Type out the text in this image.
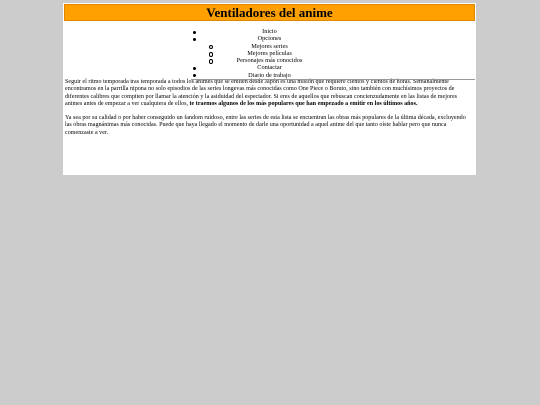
Ventiladores del anime
Inicio
Opciones
Mejores series
Mejores películas
Personajes más conocidos
Contactar
Diario de trabajo

Seguir el ritmo temporada tras temporada a todos los animes que se emiten desde Japón es una misión que requiere cientos y cientos de horas. Semanalmente encontramos en la parrilla nipona no solo episodios de las series longevas más conocidas como One Piece o Boruto, sino también con muchísimos proyectos de diferentes calibres que compiten por llamar la atención y la asiduidad del espectador. Si eres de aquellos que rebuscan concienzudamente en las listas de mejores animes antes de empezar a ver cualquiera de ellos, te traemos algunos de los más populares que han empezado a emitir en los últimos años.

Ya sea por su calidad o por haber conseguido un fandom ruidoso, entre las series de esta lista se encuentran las obras más populares de la última década, excluyendo las obras magnánimas más conocidas. Puede que haya llegado el momento de darle una oportunidad a aquel anime del que tanto oíste hablar pero que nunca comenzaste a ver.
